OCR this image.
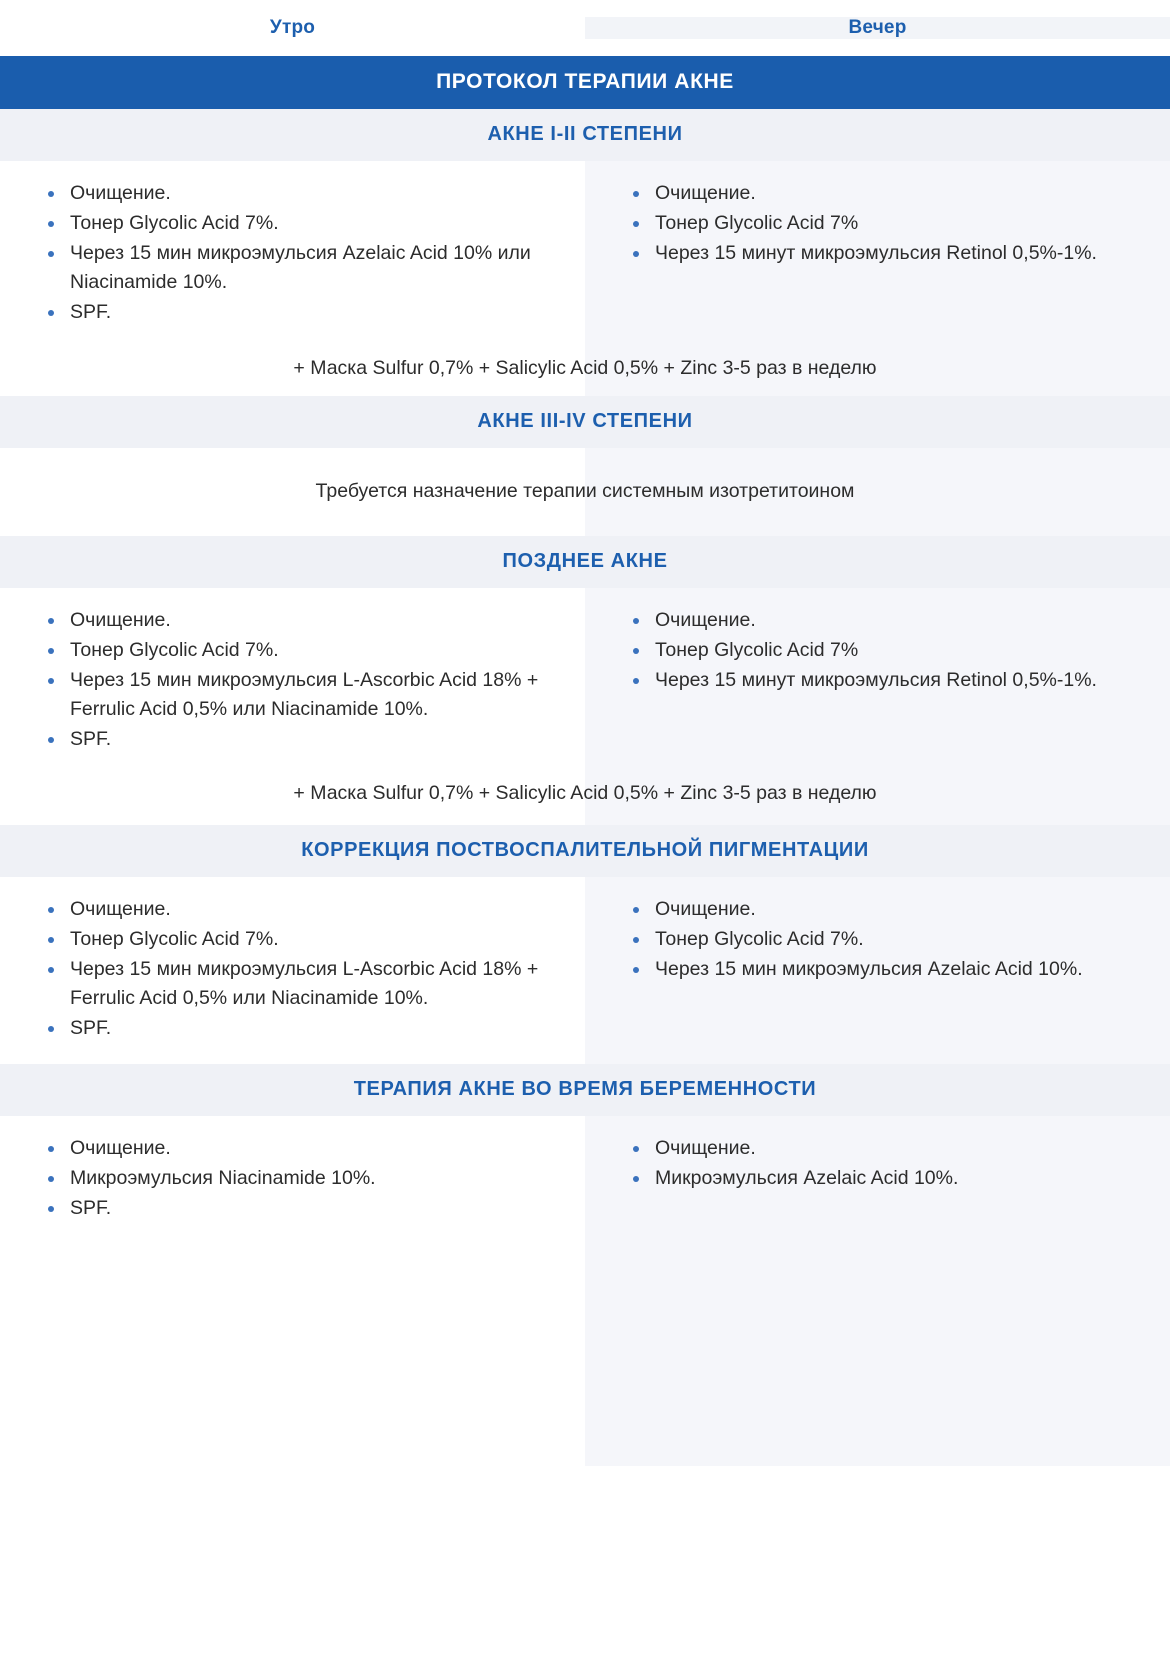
Утро	Вечер
ПРОТОКОЛ ТЕРАПИИ АКНЕ
АКНЕ I-II СТЕПЕНИ
Очищение.
Тонер Glycolic Acid 7%.
Через 15 мин микроэмульсия Azelaic Acid 10% или Niacinamide 10%.
SPF.
Очищение.
Тонер Glycolic Acid 7%
Через 15 минут микроэмульсия Retinol 0,5%-1%.
+ Маска Sulfur 0,7% + Salicylic Acid 0,5% + Zinc 3-5 раз в неделю
АКНЕ III-IV СТЕПЕНИ
Требуется назначение терапии системным изотретитоином
ПОЗДНЕЕ АКНЕ
Очищение.
Тонер Glycolic Acid 7%.
Через 15 мин микроэмульсия L-Ascorbic Acid 18% + Ferrulic Acid 0,5% или Niacinamide 10%.
SPF.
Очищение.
Тонер Glycolic Acid 7%
Через 15 минут микроэмульсия Retinol 0,5%-1%.
+ Маска Sulfur 0,7% + Salicylic Acid 0,5% + Zinc 3-5 раз в неделю
КОРРЕКЦИЯ ПОСТВОСПАЛИТЕЛЬНОЙ ПИГМЕНТАЦИИ
Очищение.
Тонер Glycolic Acid 7%.
Через 15 мин микроэмульсия L-Ascorbic Acid 18% + Ferrulic Acid 0,5% или Niacinamide 10%.
SPF.
Очищение.
Тонер Glycolic Acid 7%.
Через 15 мин микроэмульсия Azelaic Acid 10%.
ТЕРАПИЯ АКНЕ ВО ВРЕМЯ БЕРЕМЕННОСТИ
Очищение.
Микроэмульсия Niacinamide 10%.
SPF.
Очищение.
Микроэмульсия Azelaic Acid 10%.
